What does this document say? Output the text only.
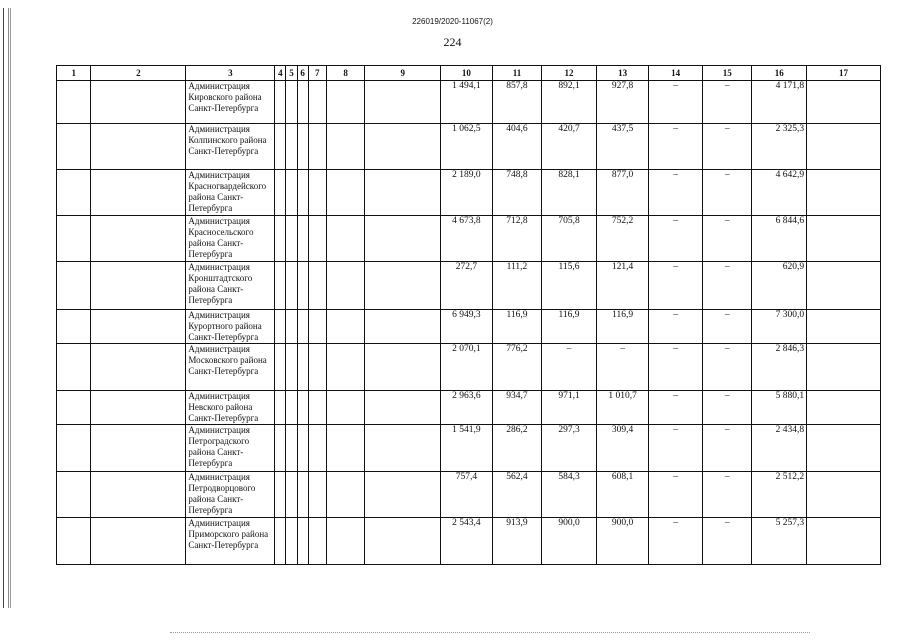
226019/2020-11067(2)
224
1	2	3	4	5	6	7	8	9	10	11	12	13	14	15	16	17
		Администрация Кировского района Санкт-Петербурга							1 494,1	857,8	892,1	927,8	–	–	4 171,8	
		Администрация Колпинского района Санкт-Петербурга							1 062,5	404,6	420,7	437,5	–	–	2 325,3	
		Администрация Красногвардейского района Санкт-Петербурга							2 189,0	748,8	828,1	877,0	–	–	4 642,9	
		Администрация Красносельского района Санкт-Петербурга							4 673,8	712,8	705,8	752,2	–	–	6 844,6	
		Администрация Кронштадтского района Санкт-Петербурга							272,7	111,2	115,6	121,4	–	–	620,9	
		Администрация Курортного района Санкт-Петербурга							6 949,3	116,9	116,9	116,9	–	–	7 300,0	
		Администрация Московского района Санкт-Петербурга							2 070,1	776,2	–	–	–	–	2 846,3	
		Администрация Невского района Санкт-Петербурга							2 963,6	934,7	971,1	1 010,7	–	–	5 880,1	
		Администрация Петроградского района Санкт-Петербурга							1 541,9	286,2	297,3	309,4	–	–	2 434,8	
		Администрация Петродворцового района Санкт-Петербурга							757,4	562,4	584,3	608,1	–	–	2 512,2	
		Администрация Приморского района Санкт-Петербурга							2 543,4	913,9	900,0	900,0	–	–	5 257,3	
